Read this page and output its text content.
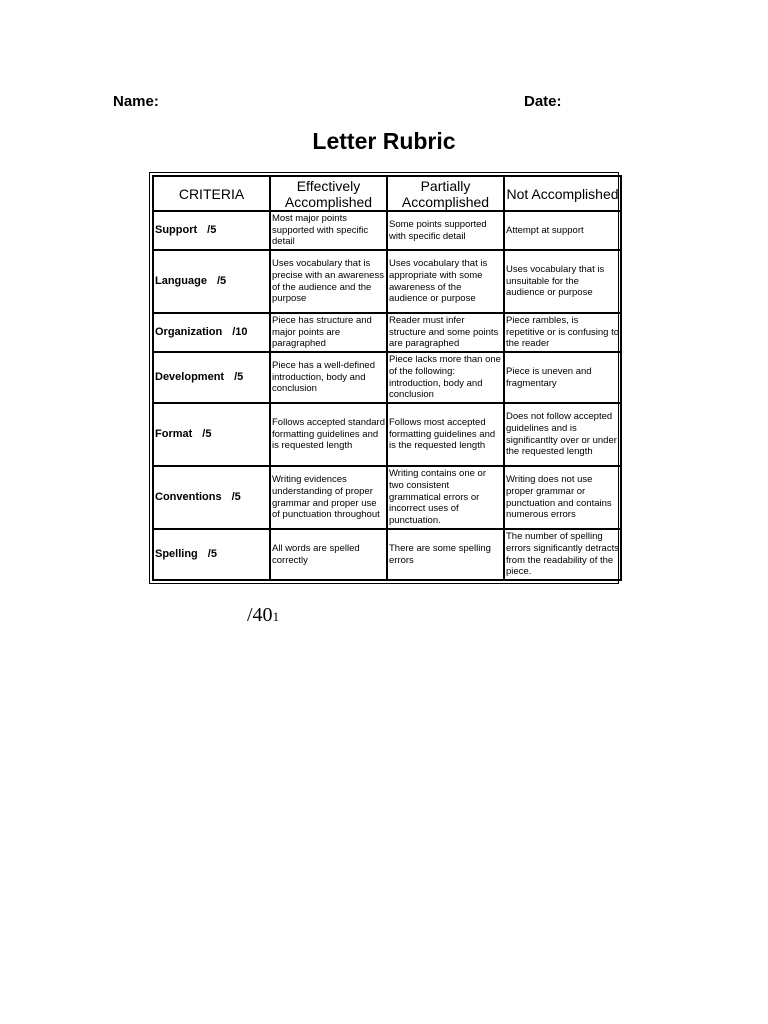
Name:	Date:
Letter Rubric
CRITERIA	Effectively Accomplished	Partially Accomplished	Not Accomplished
Support /5	Most major points supported with specific detail	Some points supported with specific detail	Attempt at support
Language /5	Uses vocabulary that is precise with an awareness of the audience and the purpose	Uses vocabulary that is appropriate with some awareness of the audience or purpose	Uses vocabulary that is unsuitable for the audience or purpose
Organization /10	Piece has structure and major points are paragraphed	Reader must infer structure and some points are paragraphed	Piece rambles, is repetitive or is confusing to the reader
Development /5	Piece has a well-defined introduction, body and conclusion	Piece lacks more than one of the following: introduction, body and conclusion	Piece is uneven and fragmentary
Format /5	Follows accepted standard formatting guidelines and is requested length	Follows most accepted formatting guidelines and is the requested length	Does not follow accepted guidelines and is significantlty over or under the requested length
Conventions /5	Writing evidences understanding of proper grammar and proper use of punctuation throughout	Writing contains one or two consistent grammatical errors or incorrect uses of punctuation.	Writing does not use proper grammar or punctuation and contains numerous errors
Spelling /5	All words are spelled correctly	There are some spelling errors	The number of spelling errors significantly detracts from the readability of the piece.
/401
